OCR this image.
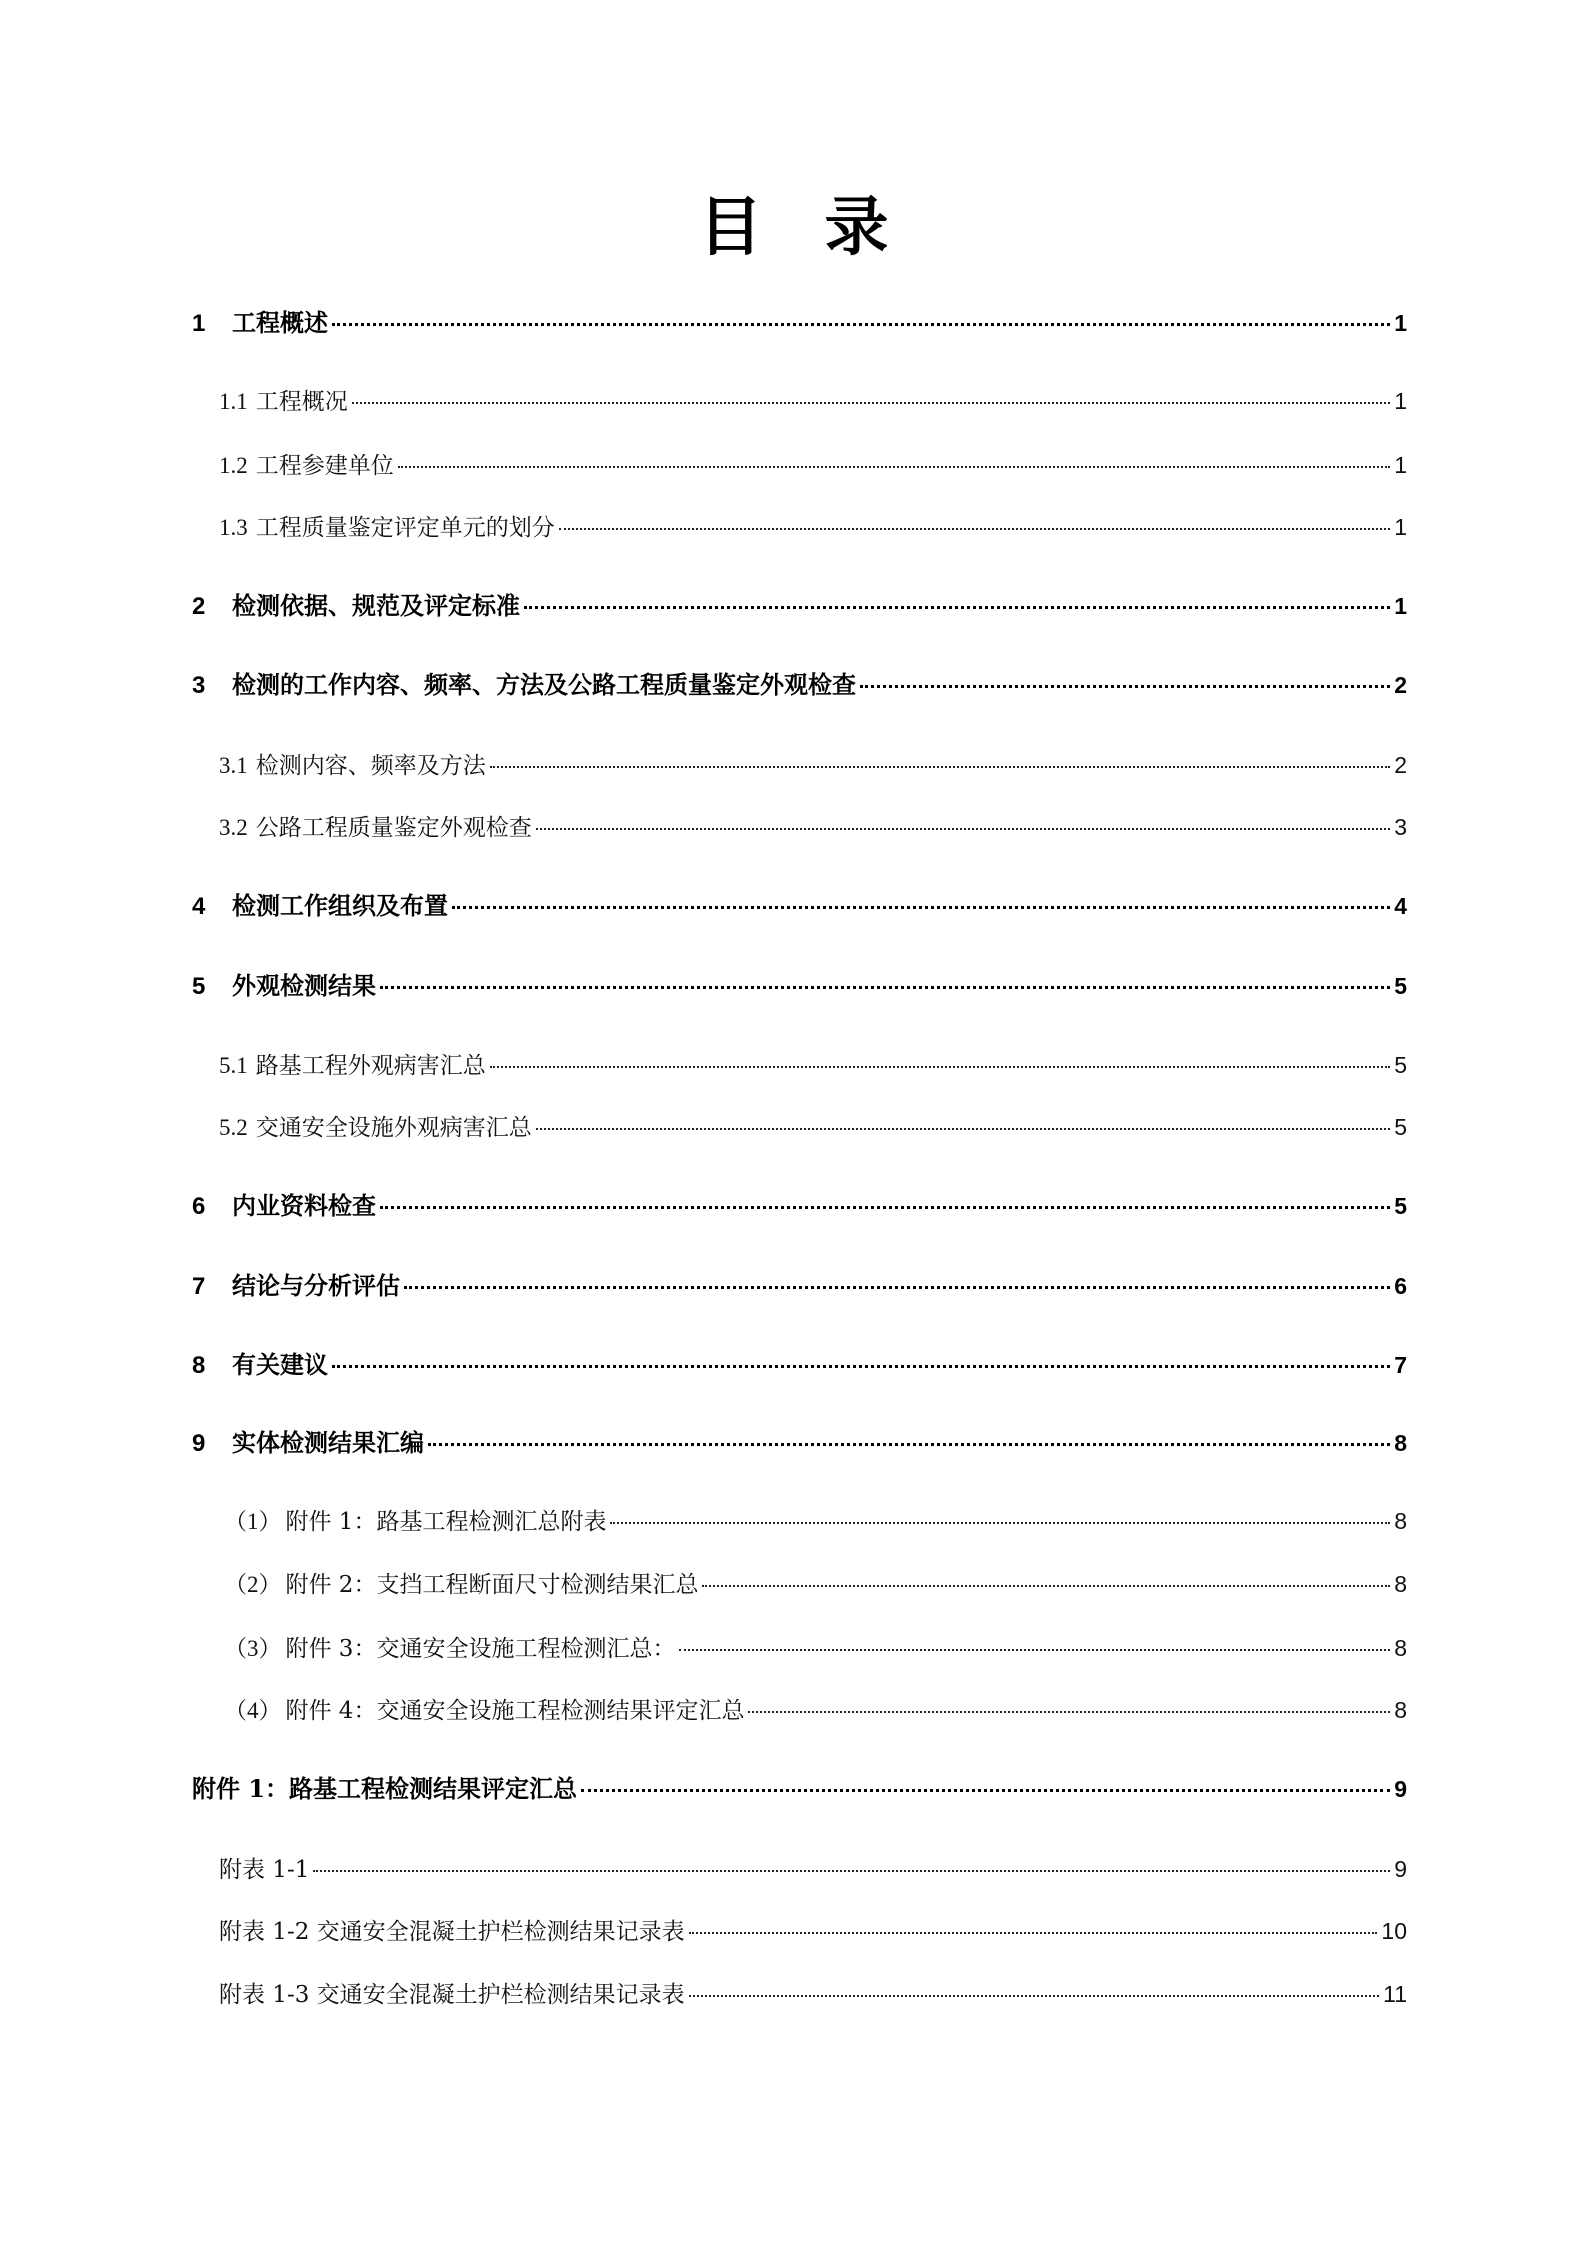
目 录
1	工程概述	1
1.1 工程概况	1
1.2 工程参建单位	1
1.3 工程质量鉴定评定单元的划分	1
2	检测依据、规范及评定标准	1
3	检测的工作内容、频率、方法及公路工程质量鉴定外观检查	2
3.1 检测内容、频率及方法	2
3.2 公路工程质量鉴定外观检查	3
4	检测工作组织及布置	4
5	外观检测结果	5
5.1 路基工程外观病害汇总	5
5.2 交通安全设施外观病害汇总	5
6	内业资料检查	5
7	结论与分析评估	6
8	有关建议	7
9	实体检测结果汇编	8
（1） 附件 1：路基工程检测汇总附表	8
（2） 附件 2：支挡工程断面尺寸检测结果汇总	8
（3） 附件 3：交通安全设施工程检测汇总：	8
（4） 附件 4：交通安全设施工程检测结果评定汇总	8
附件 1：路基工程检测结果评定汇总	9
附表 1-1	9
附表 1-2 交通安全混凝土护栏检测结果记录表	10
附表 1-3 交通安全混凝土护栏检测结果记录表	11
